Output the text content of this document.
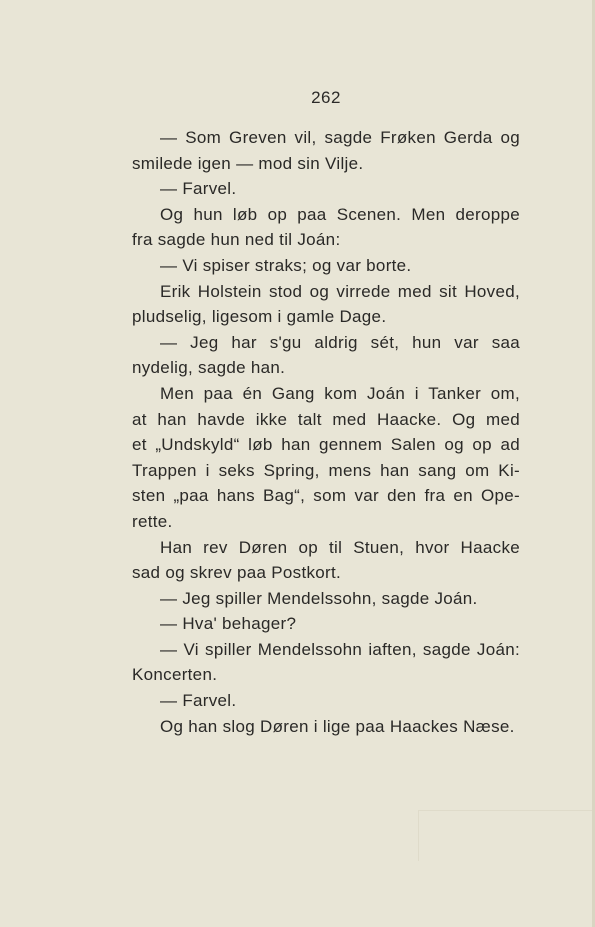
262
— Som Greven vil, sagde Frøken Gerda og
smilede igen — mod sin Vilje.
— Farvel.
Og hun løb op paa Scenen. Men deroppe
fra sagde hun ned til Joán:
— Vi spiser straks; og var borte.
Erik Holstein stod og virrede med sit Hoved,
pludselig, ligesom i gamle Dage.
— Jeg har s'gu aldrig sét, hun var saa
nydelig, sagde han.
Men paa én Gang kom Joán i Tanker om,
at han havde ikke talt med Haacke. Og med
et „Undskyld“ løb han gennem Salen og op ad
Trappen i seks Spring, mens han sang om Ki-
sten „paa hans Bag“, som var den fra en Ope-
rette.
Han rev Døren op til Stuen, hvor Haacke
sad og skrev paa Postkort.
— Jeg spiller Mendelssohn, sagde Joán.
— Hva' behager?
— Vi spiller Mendelssohn iaften, sagde Joán:
Koncerten.
— Farvel.
Og han slog Døren i lige paa Haackes Næse.
